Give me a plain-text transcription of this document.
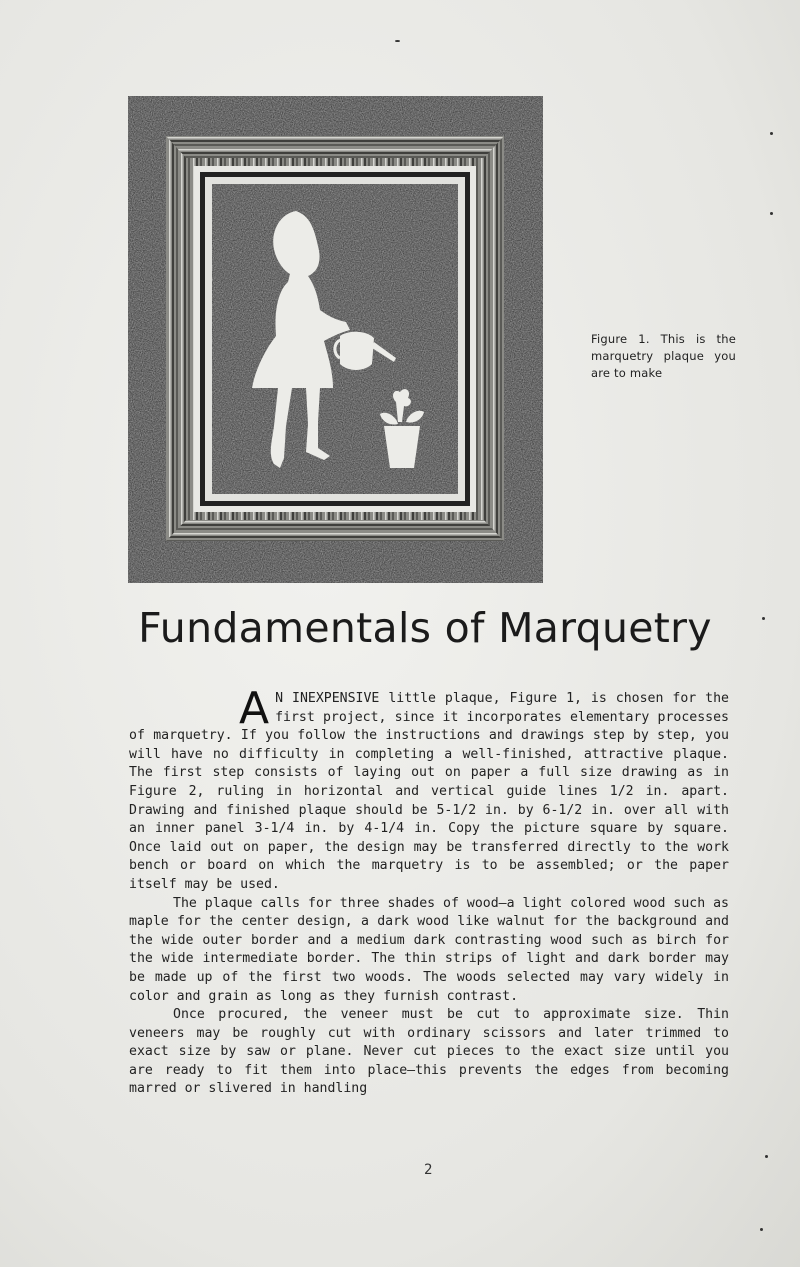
Figure 1. This is the marquetry plaque you are to make
Fundamentals of Marquetry

A N INEXPENSIVE little plaque, Figure 1, is chosen for the first project, since it incorporates elementary processes of marquetry. If you follow the instructions and drawings step by step, you will have no difficulty in completing a well-finished, attractive plaque. The first step consists of laying out on paper a full size drawing as in Figure 2, ruling in horizontal and vertical guide lines 1/2 in. apart. Drawing and finished plaque should be 5-1/2 in. by 6-1/2 in. over all with an inner panel 3-1/4 in. by 4-1/4 in. Copy the picture square by square. Once laid out on paper, the design may be transferred directly to the work bench or board on which the marquetry is to be assembled; or the paper itself may be used.

The plaque calls for three shades of wood—a light colored wood such as maple for the center design, a dark wood like walnut for the background and the wide outer border and a medium dark contrasting wood such as birch for the wide intermediate border. The thin strips of light and dark border may be made up of the first two woods. The woods selected may vary widely in color and grain as long as they furnish contrast.

Once procured, the veneer must be cut to approximate size. Thin veneers may be roughly cut with ordinary scissors and later trimmed to exact size by saw or plane. Never cut pieces to the exact size until you are ready to fit them into place—this prevents the edges from becoming marred or slivered in handling

2
